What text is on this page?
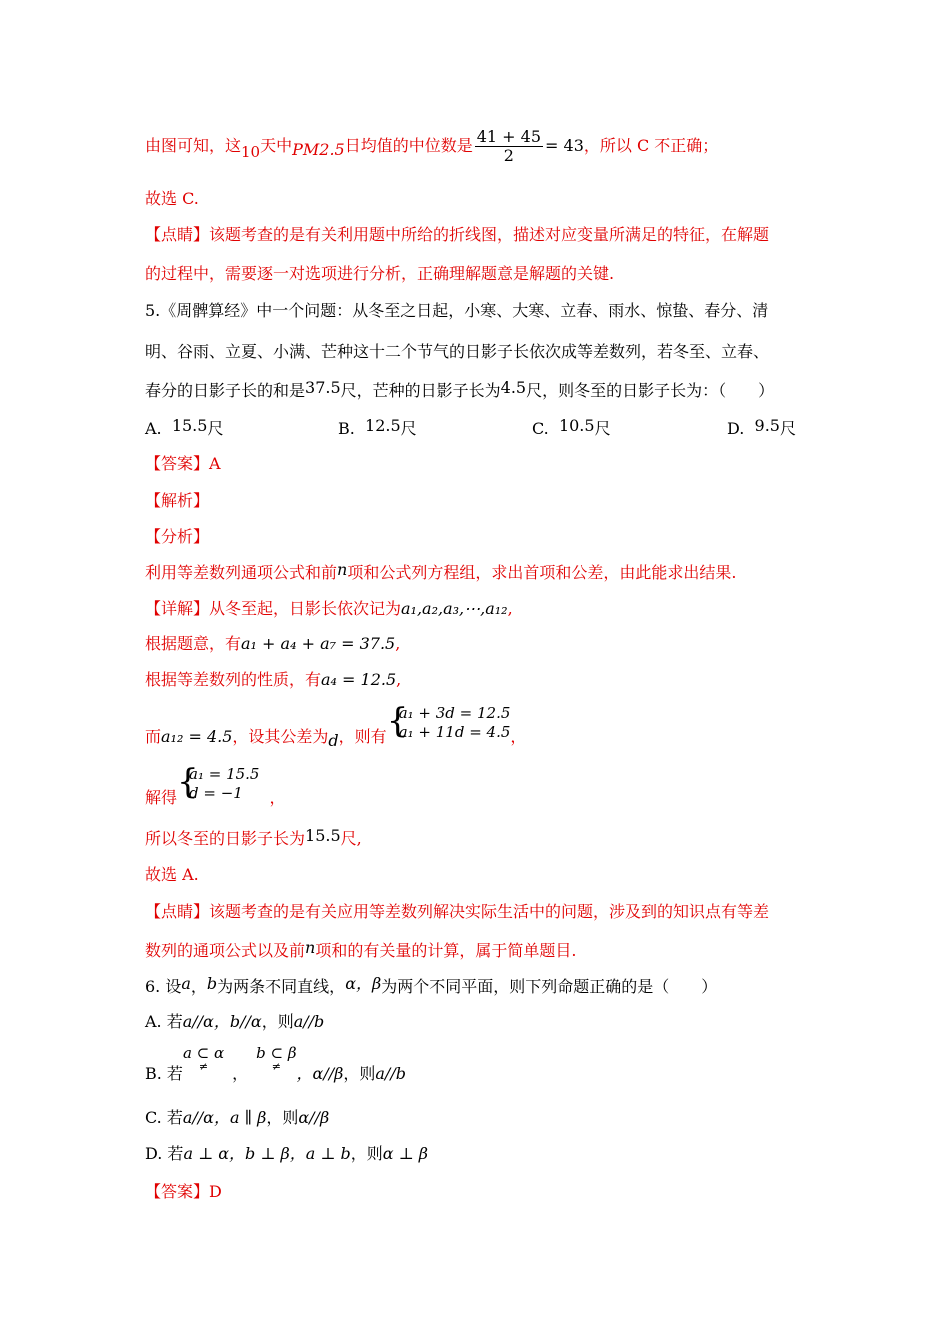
由图可知，这10天中PM2.5日均值的中位数是 $\frac{41 + 45}{2} = 43$，所以 C 不正确；
故选 C.
【点睛】该题考查的是有关利用题中所给的折线图，描述对应变量所满足的特征，在解题
的过程中，需要逐一对选项进行分析，正确理解题意是解题的关键.
5.《周髀算经》中一个问题：从冬至之日起，小寒、大寒、立春、雨水、惊蛰、春分、清
明、谷雨、立夏、小满、芒种这十二个节气的日影子长依次成等差数列，若冬至、立春、
春分的日影子长的和是37.5尺，芒种的日影子长为4.5尺，则冬至的日影子长为：（　　）
A. 15.5尺	B. 12.5尺	C. 10.5尺	D. 9.5尺
【答案】A
【解析】
【分析】
利用等差数列通项公式和前n项和公式列方程组，求出首项和公差，由此能求出结果.
【详解】从冬至起，日影长依次记为a₁,a₂,a₃,⋯,a₁₂,
根据题意，有a₁ + a₄ + a₇ = 37.5,
根据等差数列的性质，有a₄ = 12.5,
而a₁₂ = 4.5，设其公差为d，则有 {
a₁ + 3d = 12.5
a₁ + 11d = 4.5 ，
解得 {
a₁ = 15.5
d = −1	，
所以冬至的日影子长为15.5尺,
故选 A.
【点睛】该题考查的是有关应用等差数列解决实际生活中的问题，涉及到的知识点有等差
数列的通项公式以及前n项和的有关量的计算，属于简单题目.
6. 设a，b为两条不同直线，α，β为两个不同平面，则下列命题正确的是（　　）
A. 若a//α，b//α，则a//b
B. 若a ⊂ α
≠	，b ⊂ β
≠ ，α//β，则a//b
C. 若a//α，a ∥ β，则α//β
D. 若a ⊥ α，b ⊥ β，a ⊥ b，则α ⊥ β
【答案】D
